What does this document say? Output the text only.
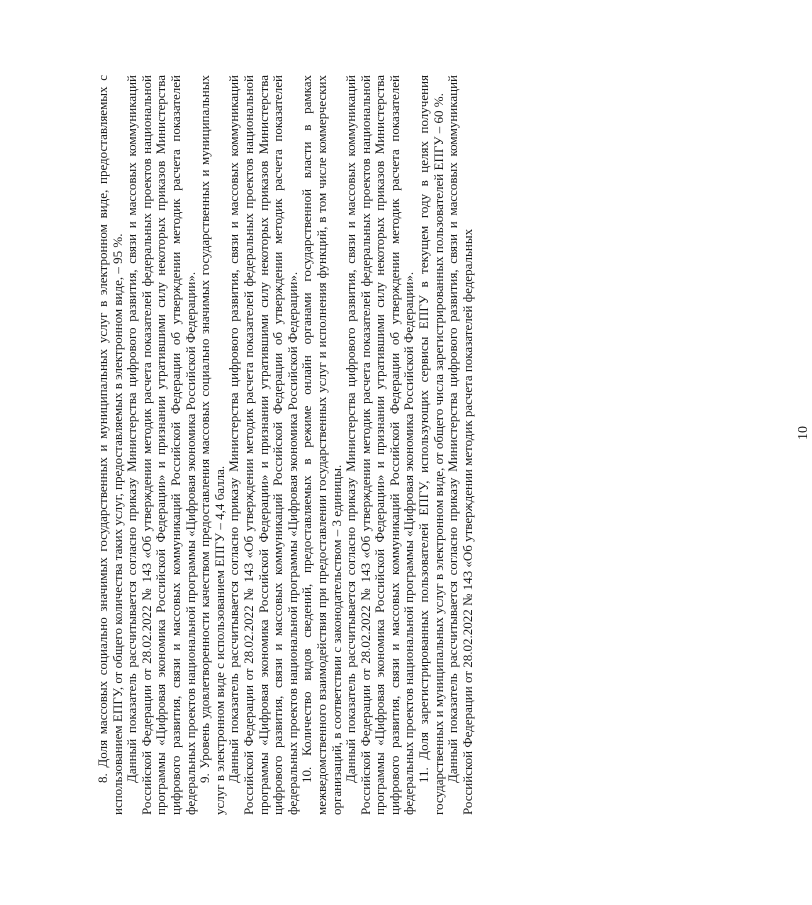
10

8. Доля массовых социально значимых государственных и муниципальных услуг в электронном виде, предоставляемых с использованием ЕПГУ, от общего количества таких услуг, предоставляемых в электронном виде, – 95 %. Данный показатель рассчитывается согласно приказу Министерства цифрового развития, связи и массовых коммуникаций Российской Федерации от 28.02.2022 № 143 «Об утверждении методик расчета показателей федеральных проектов национальной программы «Цифровая экономика Российской Федерации» и признании утратившими силу некоторых приказов Министерства цифрового развития, связи и массовых коммуникаций Российской Федерации об утверждении методик расчета показателей федеральных проектов национальной программы «Цифровая экономика Российской Федерации». 9. Уровень удовлетворенности качеством предоставления массовых социально значимых государственных и муниципальных услуг в электронном виде с использованием ЕПГУ – 4,4 балла. Данный показатель рассчитывается согласно приказу Министерства цифрового развития, связи и массовых коммуникаций Российской Федерации от 28.02.2022 № 143 «Об утверждении методик расчета показателей федеральных проектов национальной программы «Цифровая экономика Российской Федерации» и признании утратившими силу некоторых приказов Министерства цифрового развития, связи и массовых коммуникаций Российской Федерации об утверждении методик расчета показателей федеральных проектов национальной программы «Цифровая экономика Российской Федерации». 10. Количество видов сведений, предоставляемых в режиме онлайн органами государственной власти в рамках межведомственного взаимодействия при предоставлении государственных услуг и исполнения функций, в том числе коммерческих организаций, в соответствии с законодательством – 3 единицы. Данный показатель рассчитывается согласно приказу Министерства цифрового развития, связи и массовых коммуникаций Российской Федерации от 28.02.2022 № 143 «Об утверждении методик расчета показателей федеральных проектов национальной программы «Цифровая экономика Российской Федерации» и признании утратившими силу некоторых приказов Министерства цифрового развития, связи и массовых коммуникаций Российской Федерации об утверждении методик расчета показателей федеральных проектов национальной программы «Цифровая экономика Российской Федерации». 11. Доля зарегистрированных пользователей ЕПГУ, использующих сервисы ЕПГУ в текущем году в целях получения государственных и муниципальных услуг в электронном виде, от общего числа зарегистрированных пользователей ЕПГУ – 60 %. Данный показатель рассчитывается согласно приказу Министерства цифрового развития, связи и массовых коммуникаций Российской Федерации от 28.02.2022 № 143 «Об утверждении методик расчета показателей федеральных
